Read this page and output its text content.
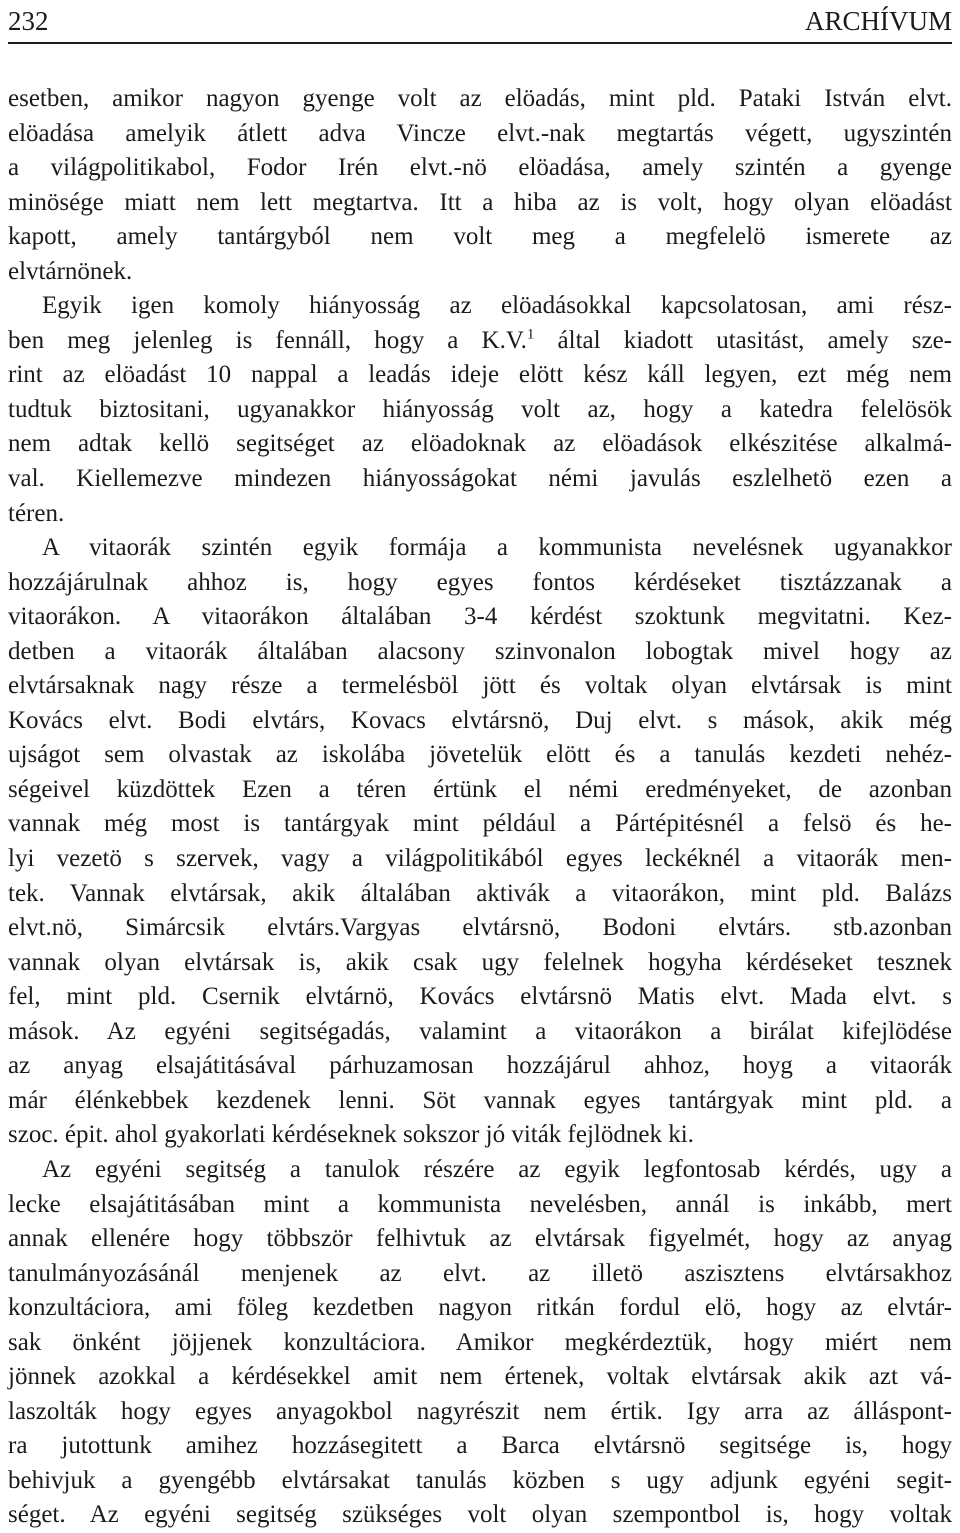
232	ARCHÍVUM
esetben, amikor nagyon gyenge volt az elöadás, mint pld. Pataki István elvt.
elöadása amelyik átlett adva Vincze elvt.-nak megtartás végett, ugyszintén
a világpolitikabol, Fodor Irén elvt.-nö elöadása, amely szintén a gyenge
minösége miatt nem lett megtartva. Itt a hiba az is volt, hogy olyan elöadást
kapott, amely tantárgyból nem volt meg a megfelelö ismerete az
elvtárnönek.
Egyik igen komoly hiányosság az elöadásokkal kapcsolatosan, ami rész-
ben meg jelenleg is fennáll, hogy a K.V.$^1$ által kiadott utasitást, amely sze-
rint az elöadást 10 nappal a leadás ideje elött kész káll legyen, ezt még nem
tudtuk biztositani, ugyanakkor hiányosság volt az, hogy a katedra felelösök
nem adtak kellö segitséget az elöadoknak az elöadások elkészitése alkalmá-
val. Kiellemezve mindezen hiányosságokat némi javulás eszlelhetö ezen a
téren.
A vitaorák szintén egyik formája a kommunista nevelésnek ugyanakkor
hozzájárulnak ahhoz is, hogy egyes fontos kérdéseket tisztázzanak a
vitaorákon. A vitaorákon általában 3-4 kérdést szoktunk megvitatni. Kez-
detben a vitaorák általában alacsony szinvonalon lobogtak mivel hogy az
elvtársaknak nagy része a termelésböl jött és voltak olyan elvtársak is mint
Kovács elvt. Bodi elvtárs, Kovacs elvtársnö, Duj elvt. s mások, akik még
ujságot sem olvastak az iskolába jövetelük elött és a tanulás kezdeti nehéz-
ségeivel küzdöttek Ezen a téren értünk el némi eredményeket, de azonban
vannak még most is tantárgyak mint például a Pártépitésnél a felsö és he-
lyi vezetö s szervek, vagy a világpolitikából egyes leckéknél a vitaorák men-
tek. Vannak elvtársak, akik általában aktivák a vitaorákon, mint pld. Balázs
elvt.nö, Simárcsik elvtárs.Vargyas elvtársnö, Bodoni elvtárs. stb.azonban
vannak olyan elvtársak is, akik csak ugy felelnek hogyha kérdéseket tesznek
fel, mint pld. Csernik elvtárnö, Kovács elvtársnö Matis elvt. Mada elvt. s
mások. Az egyéni segitségadás, valamint a vitaorákon a birálat kifejlödése
az anyag elsajátitásával párhuzamosan hozzájárul ahhoz, hoyg a vitaorák
már élénkebbek kezdenek lenni. Söt vannak egyes tantárgyak mint pld. a
szoc. épit. ahol gyakorlati kérdéseknek sokszor jó viták fejlödnek ki.
Az egyéni segitség a tanulok részére az egyik legfontosab kérdés, ugy a
lecke elsajátitásában mint a kommunista nevelésben, annál is inkább, mert
annak ellenére hogy többször felhivtuk az elvtársak figyelmét, hogy az anyag
tanulmányozásánál menjenek az elvt. az illetö aszisztens elvtársakhoz
konzultáciora, ami föleg kezdetben nagyon ritkán fordul elö, hogy az elvtár-
sak önként jöjjenek konzultáciora. Amikor megkérdeztük, hogy miért nem
jönnek azokkal a kérdésekkel amit nem értenek, voltak elvtársak akik azt vá-
laszolták hogy egyes anyagokbol nagyrészit nem értik. Igy arra az álláspont-
ra jutottunk amihez hozzásegitett a Barca elvtársnö segitsége is, hogy
behivjuk a gyengébb elvtársakat tanulás közben s ugy adjunk egyéni segit-
séget. Az egyéni segitség szükséges volt olyan szempontbol is, hogy voltak
